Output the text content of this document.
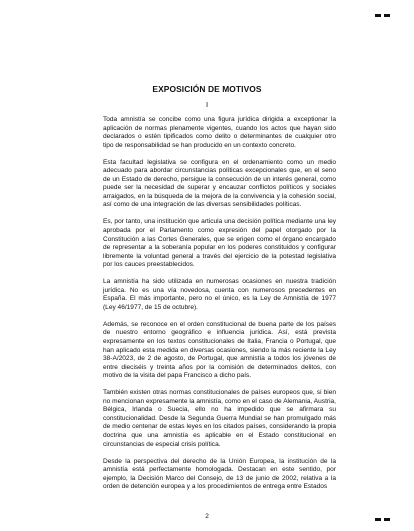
EXPOSICIÓN DE MOTIVOS
I

Toda amnistía se concibe como una figura jurídica dirigida a exceptionar la aplicación de normas plenamente vigentes, cuando los actos que hayan sido declarados o estén tipificados como delito o determinantes de cualquier otro tipo de responsabilidad se han producido en un contexto concreto.

Esta facultad legislativa se configura en el ordenamiento como un medio adecuado para abordar circunstancias políticas excepcionales que, en el seno de un Estado de derecho, persigue la consecución de un interés general, como puede ser la necesidad de superar y encauzar conflictos políticos y sociales arraigados, en la búsqueda de la mejora de la convivencia y la cohesión social, así como de una integración de las diversas sensibilidades políticas.

Es, por tanto, una institución que articula una decisión política mediante una ley aprobada por el Parlamento como expresión del papel otorgado por la Constitución a las Cortes Generales, que se erigen como el órgano encargado de representar a la soberanía popular en los poderes constituidos y configurar libremente la voluntad general a través del ejercicio de la potestad legislativa por los cauces preestablecidos.

La amnistía ha sido utilizada en numerosas ocasiones en nuestra tradición jurídica. No es una vía novedosa, cuenta con numerosos precedentes en España. El más importante, pero no el único, es la Ley de Amnistía de 1977 (Ley 46/1977, de 15 de octubre).

Además, se reconoce en el orden constitucional de buena parte de los países de nuestro entorno geográfico e influencia jurídica. Así, está prevista expresamente en los textos constitucionales de Italia, Francia o Portugal, que han aplicado esta medida en diversas ocasiones, siendo la más reciente la Ley 38-A/2023, de 2 de agosto, de Portugal, que amnistía a todos los jóvenes de entre dieciséis y treinta años por la comisión de determinados delitos, con motivo de la visita del papa Francisco a dicho país.

También existen otras normas constitucionales de países europeos que, si bien no mencionan expresamente la amnistía, como en el caso de Alemania, Austria, Bélgica, Irlanda o Suecia, ello no ha impedido que se afirmara su constitucionalidad. Desde la Segunda Guerra Mundial se han promulgado más de medio centenar de estas leyes en los citados países, considerando la propia doctrina que una amnistía es aplicable en el Estado constitucional en circunstancias de especial crisis política.

Desde la perspectiva del derecho de la Unión Europea, la institución de la amnistía está perfectamente homologada. Destacan en este sentido, por ejemplo, la Decisión Marco del Consejo, de 13 de junio de 2002, relativa a la orden de detención europea y a los procedimientos de entrega entre Estados

2
